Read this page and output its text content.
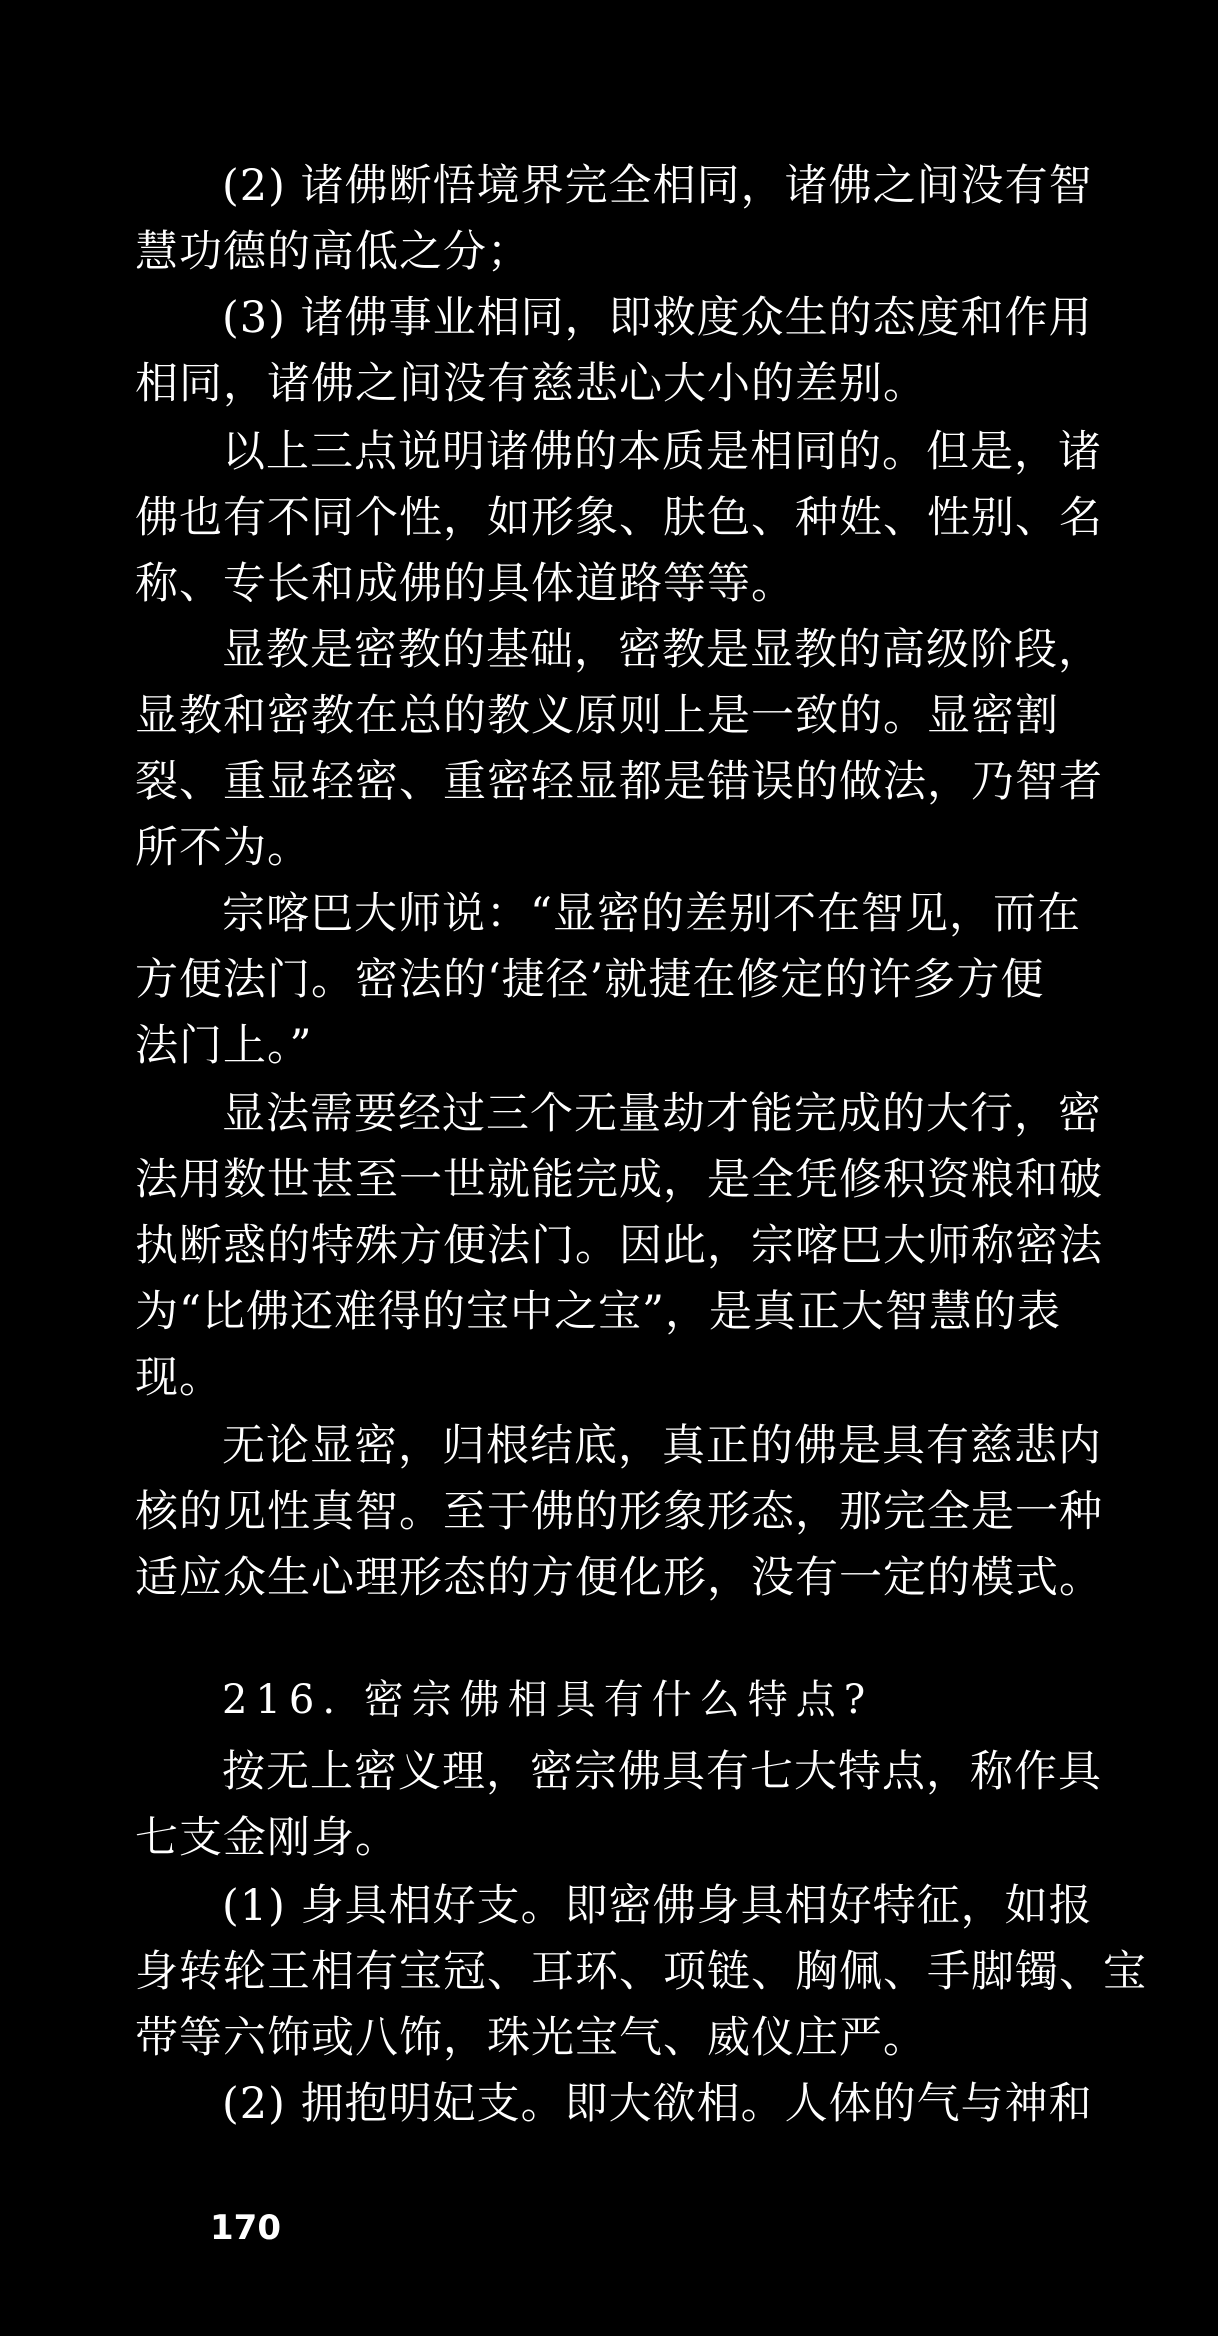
(2) 诸佛断悟境界完全相同，诸佛之间没有智
慧功德的高低之分；
(3) 诸佛事业相同，即救度众生的态度和作用
相同，诸佛之间没有慈悲心大小的差别。
以上三点说明诸佛的本质是相同的。但是，诸
佛也有不同个性，如形象、肤色、种姓、性别、名
称、专长和成佛的具体道路等等。
显教是密教的基础，密教是显教的高级阶段，
显教和密教在总的教义原则上是一致的。显密割
裂、重显轻密、重密轻显都是错误的做法，乃智者
所不为。
宗喀巴大师说：“显密的差别不在智见，而在
方便法门。密法的‘捷径’就捷在修定的许多方便
法门上。”
显法需要经过三个无量劫才能完成的大行，密
法用数世甚至一世就能完成，是全凭修积资粮和破
执断惑的特殊方便法门。因此，宗喀巴大师称密法
为“比佛还难得的宝中之宝”，是真正大智慧的表
现。
无论显密，归根结底，真正的佛是具有慈悲内
核的见性真智。至于佛的形象形态，那完全是一种
适应众生心理形态的方便化形，没有一定的模式。
216. 密宗佛相具有什么特点?
按无上密义理，密宗佛具有七大特点，称作具
七支金刚身。
(1) 身具相好支。即密佛身具相好特征，如报
身转轮王相有宝冠、耳环、项链、胸佩、手脚镯、宝
带等六饰或八饰，珠光宝气、威仪庄严。
(2) 拥抱明妃支。即大欲相。人体的气与神和
170
